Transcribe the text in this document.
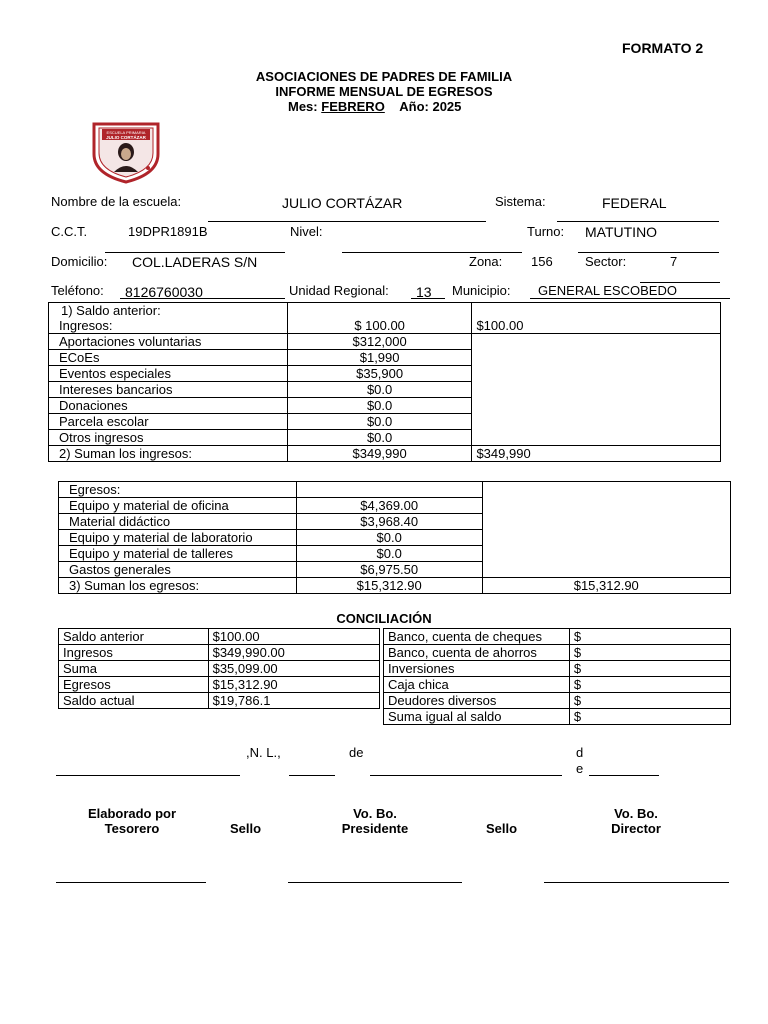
FORMATO 2
ASOCIACIONES DE PADRES DE FAMILIA
INFORME MENSUAL DE EGRESOS
Mes: FEBRERO Año: 2025
ESCUELA PRIMARIA
JULIO CORTÁZAR
Nombre de la escuela:	JULIO CORTÁZAR	Sistema:	FEDERAL
C.C.T.	19DPR1891B	Nivel:	Turno: MATUTINO
Domicilio: COL.LADERAS S/N	Zona: 156 Sector:	7
Teléfono: 8126760030	Unidad Regional: 13 Municipio: GENERAL ESCOBEDO
1) Saldo anterior:		
Ingresos:	$ 100.00	$100.00
Aportaciones voluntarias	$312,000	
ECoEs	$1,990	
Eventos especiales	$35,900	
Intereses bancarios	$0.0	
Donaciones	$0.0	
Parcela escolar	$0.0	
Otros ingresos	$0.0	
2) Suman los ingresos:	$349,990	$349,990
Egresos:		
Equipo y material de oficina	$4,369.00	
Material didáctico	$3,968.40	
Equipo y material de laboratorio	$0.0	
Equipo y material de talleres	$0.0	
Gastos generales	$6,975.50	
3) Suman los egresos:	$15,312.90	$15,312.90
CONCILIACIÓN
Saldo anterior	$100.00
Ingresos	$349,990.00
Suma	$35,099.00
Egresos	$15,312.90
Saldo actual	$19,786.1
Banco, cuenta de cheques	$
Banco, cuenta de ahorros	$
Inversiones	$
Caja chica	$
Deudores diversos	$
Suma igual al saldo	$
,N. L.,	de	d
e
Elaborado por
Tesorero	Sello
Vo. Bo.
Presidente	Sello
Vo. Bo.
Director
